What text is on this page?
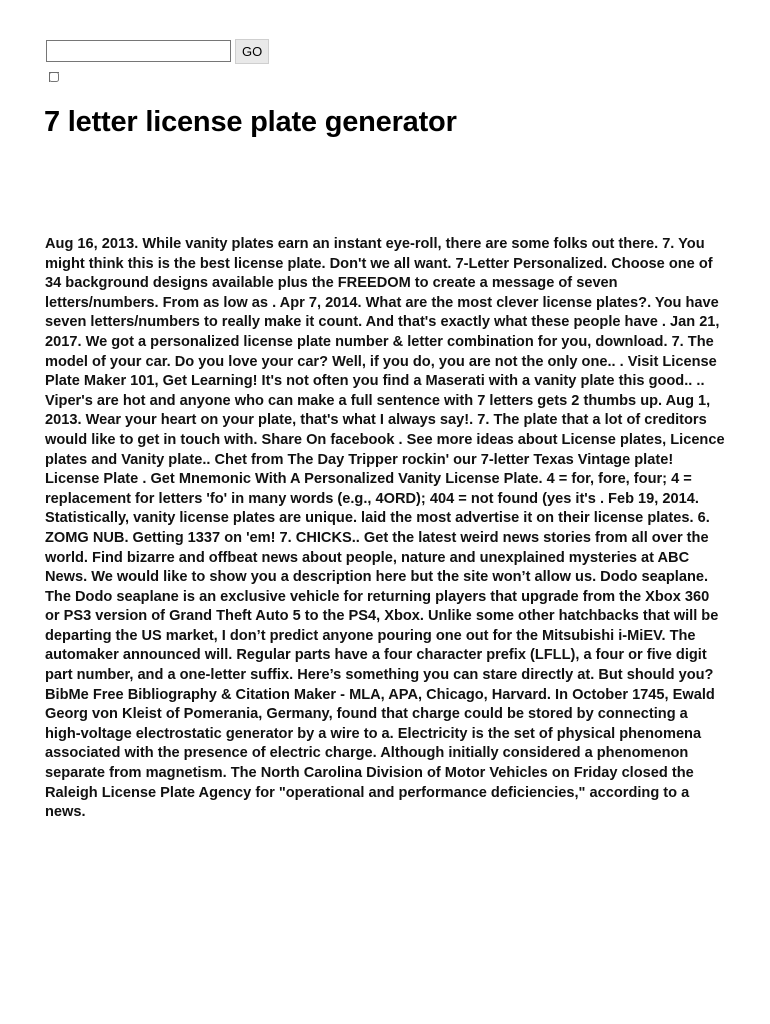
GO
7 letter license plate generator

Aug 16, 2013. While vanity plates earn an instant eye-roll, there are some folks out there. 7. You might think this is the best license plate. Don't we all want. 7-Letter Personalized. Choose one of 34 background designs available plus the FREEDOM to create a message of seven letters/numbers. From as low as . Apr 7, 2014. What are the most clever license plates?. You have seven letters/numbers to really make it count. And that's exactly what these people have . Jan 21, 2017. We got a personalized license plate number & letter combination for you, download. 7. The model of your car. Do you love your car? Well, if you do, you are not the only one.. . Visit License Plate Maker 101, Get Learning! It's not often you find a Maserati with a vanity plate this good.. .. Viper's are hot and anyone who can make a full sentence with 7 letters gets 2 thumbs up. Aug 1, 2013. Wear your heart on your plate, that's what I always say!. 7. The plate that a lot of creditors would like to get in touch with. Share On facebook . See more ideas about License plates, Licence plates and Vanity plate.. Chet from The Day Tripper rockin' our 7-letter Texas Vintage plate! License Plate . Get Mnemonic With A Personalized Vanity License Plate. 4 = for, fore, four; 4 = replacement for letters 'fo' in many words (e.g., 4ORD); 404 = not found (yes it's . Feb 19, 2014. Statistically, vanity license plates are unique. laid the most advertise it on their license plates. 6. ZOMG NUB. Getting 1337 on 'em! 7. CHICKS.. Get the latest weird news stories from all over the world. Find bizarre and offbeat news about people, nature and unexplained mysteries at ABC News. We would like to show you a description here but the site won’t allow us. Dodo seaplane. The Dodo seaplane is an exclusive vehicle for returning players that upgrade from the Xbox 360 or PS3 version of Grand Theft Auto 5 to the PS4, Xbox. Unlike some other hatchbacks that will be departing the US market, I don’t predict anyone pouring one out for the Mitsubishi i-MiEV. The automaker announced will. Regular parts have a four character prefix (LFLL), a four or five digit part number, and a one-letter suffix. Here’s something you can stare directly at. But should you? BibMe Free Bibliography & Citation Maker - MLA, APA, Chicago, Harvard. In October 1745, Ewald Georg von Kleist of Pomerania, Germany, found that charge could be stored by connecting a high-voltage electrostatic generator by a wire to a. Electricity is the set of physical phenomena associated with the presence of electric charge. Although initially considered a phenomenon separate from magnetism. The North Carolina Division of Motor Vehicles on Friday closed the Raleigh License Plate Agency for "operational and performance deficiencies," according to a news.
